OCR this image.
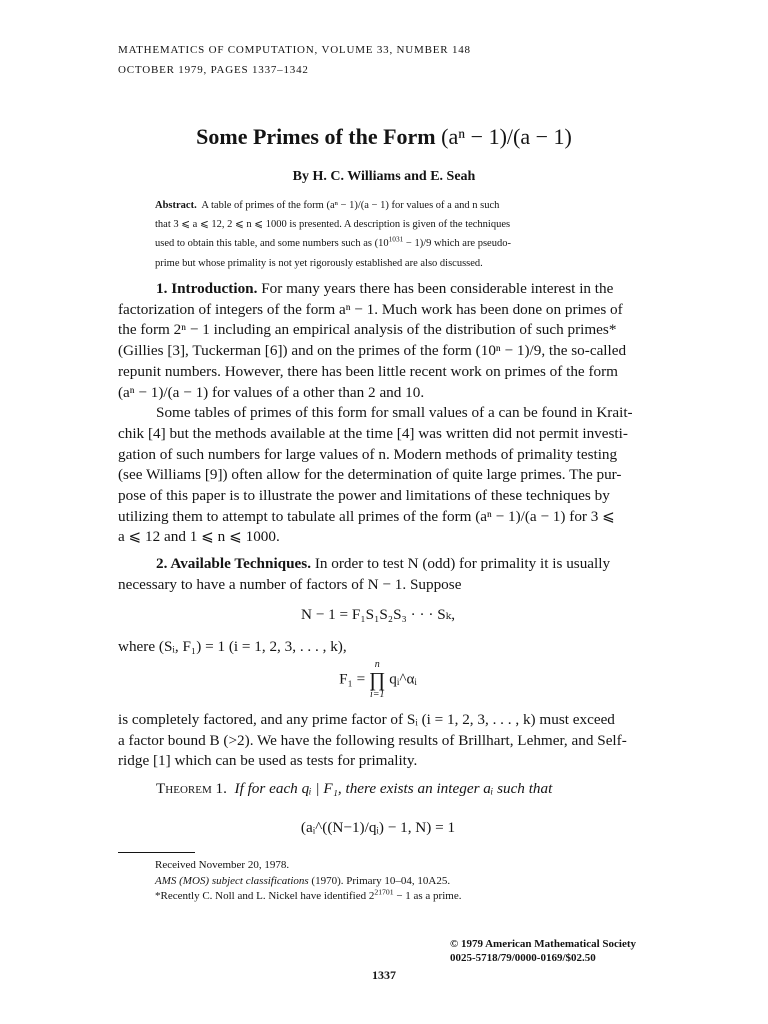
MATHEMATICS OF COMPUTATION, VOLUME 33, NUMBER 148
OCTOBER 1979, PAGES 1337–1342
Some Primes of the Form (aⁿ − 1)/(a − 1)
By H. C. Williams and E. Seah

Abstract. A table of primes of the form (aⁿ − 1)/(a − 1) for values of a and n such

that 3 ⩽ a ⩽ 12, 2 ⩽ n ⩽ 1000 is presented. A description is given of the techniques

used to obtain this table, and some numbers such as $(10^{1031} - 1)/9$ which are pseudo-

prime but whose primality is not yet rigorously established are also discussed.

1. Introduction. For many years there has been considerable interest in the

factorization of integers of the form aⁿ − 1. Much work has been done on primes of

the form 2ⁿ − 1 including an empirical analysis of the distribution of such primes*

(Gillies [3], Tuckerman [6]) and on the primes of the form (10ⁿ − 1)/9, the so-called

repunit numbers. However, there has been little recent work on primes of the form

(aⁿ − 1)/(a − 1) for values of a other than 2 and 10.

Some tables of primes of this form for small values of a can be found in Krait-

chik [4] but the methods available at the time [4] was written did not permit investi-

gation of such numbers for large values of n. Modern methods of primality testing

(see Williams [9]) often allow for the determination of quite large primes. The pur-

pose of this paper is to illustrate the power and limitations of these techniques by

utilizing them to attempt to tabulate all primes of the form (aⁿ − 1)/(a − 1) for 3 ⩽

a ⩽ 12 and 1 ⩽ n ⩽ 1000.

2. Available Techniques. In order to test N (odd) for primality it is usually

necessary to have a number of factors of N − 1. Suppose

N − 1 = F₁S₁S₂S₃ · · · Sₖ,
where (Sᵢ, F₁) = 1 (i = 1, 2, 3, . . . , k),
F₁ =
n
∏
i=1
qᵢ^αᵢ

is completely factored, and any prime factor of Sᵢ (i = 1, 2, 3, . . . , k) must exceed

a factor bound B (>2). We have the following results of Brillhart, Lehmer, and Self-

ridge [1] which can be used as tests for primality.

Theorem 1. If for each qᵢ | F₁, there exists an integer aᵢ such that

(aᵢ^((N−1)/qᵢ) − 1, N) = 1

Received November 20, 1978.

AMS (MOS) subject classifications (1970). Primary 10–04, 10A25.

*Recently C. Noll and L. Nickel have identified $2^{21701} - 1$ as a prime.

© 1979 American Mathematical Society
0025-5718/79/0000-0169/$02.50
1337
